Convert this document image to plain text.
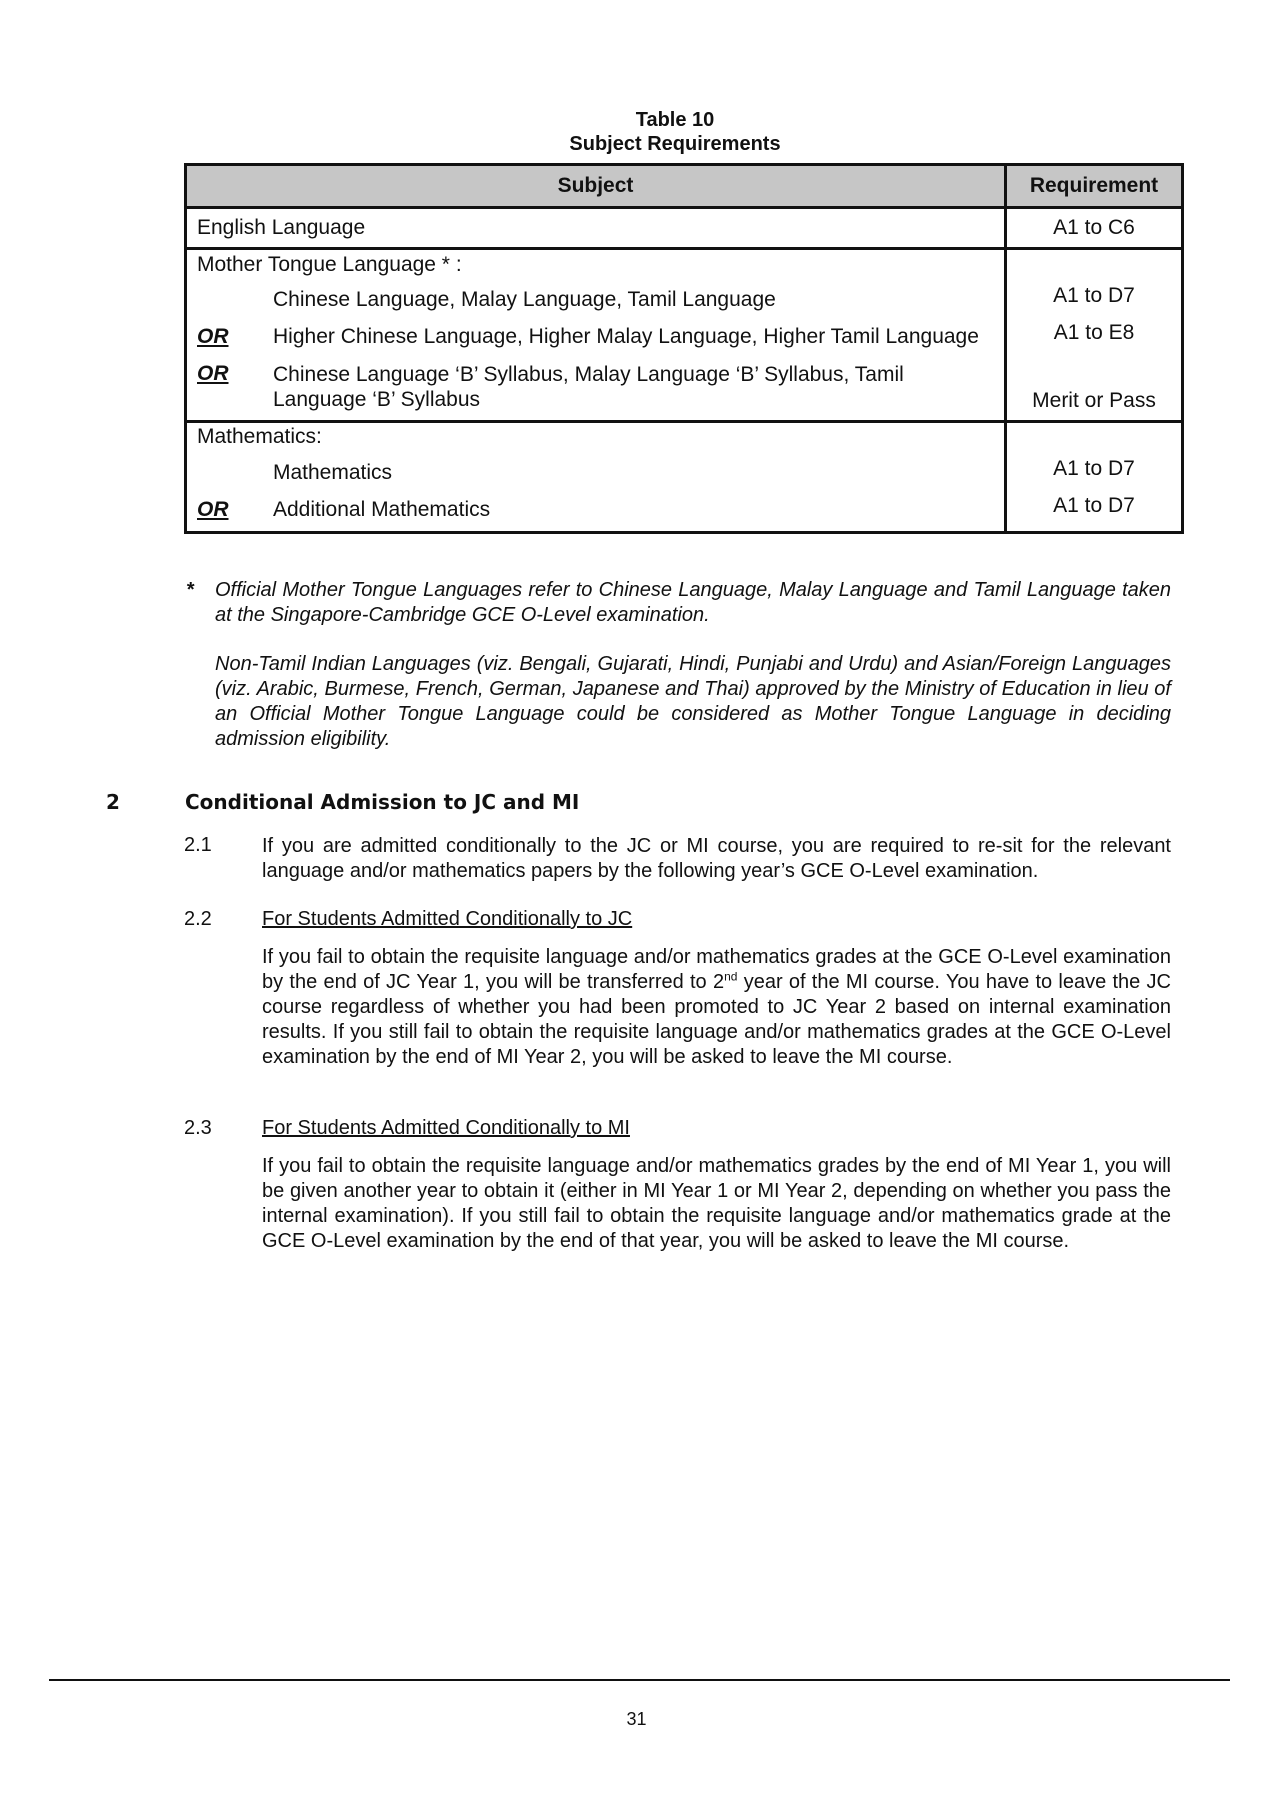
Table 10
Subject Requirements
Subject	Requirement
English Language	A1 to C6
Mother Tongue Language * :	

Chinese Language, Malay Language, Tamil Language	A1 to D7

OR Higher Chinese Language, Higher Malay Language, Higher Tamil Language	A1 to E8

OR Chinese Language ‘B’ Syllabus, Malay Language ‘B’ Syllabus, Tamil Language ‘B’ Syllabus	Merit or Pass
Mathematics:	

Mathematics	A1 to D7

OR Additional Mathematics	A1 to D7
* Official Mother Tongue Languages refer to Chinese Language, Malay Language and Tamil Language taken at the Singapore-Cambridge GCE O-Level examination.

Non-Tamil Indian Languages (viz. Bengali, Gujarati, Hindi, Punjabi and Urdu) and Asian/Foreign Languages (viz. Arabic, Burmese, French, German, Japanese and Thai) approved by the Ministry of Education in lieu of an Official Mother Tongue Language could be considered as Mother Tongue Language in deciding admission eligibility.

2	Conditional Admission to JC and MI
2.1	If you are admitted conditionally to the JC or MI course, you are required to re-sit for the relevant language and/or mathematics papers by the following year’s GCE O-Level examination.

2.2	For Students Admitted Conditionally to JC

If you fail to obtain the requisite language and/or mathematics grades at the GCE O-Level examination by the end of JC Year 1, you will be transferred to 2nd year of the MI course. You have to leave the JC course regardless of whether you had been promoted to JC Year 2 based on internal examination results. If you still fail to obtain the requisite language and/or mathematics grades at the GCE O-Level examination by the end of MI Year 2, you will be asked to leave the MI course.

2.3	For Students Admitted Conditionally to MI

If you fail to obtain the requisite language and/or mathematics grades by the end of MI Year 1, you will be given another year to obtain it (either in MI Year 1 or MI Year 2, depending on whether you pass the internal examination). If you still fail to obtain the requisite language and/or mathematics grade at the GCE O-Level examination by the end of that year, you will be asked to leave the MI course.

31
